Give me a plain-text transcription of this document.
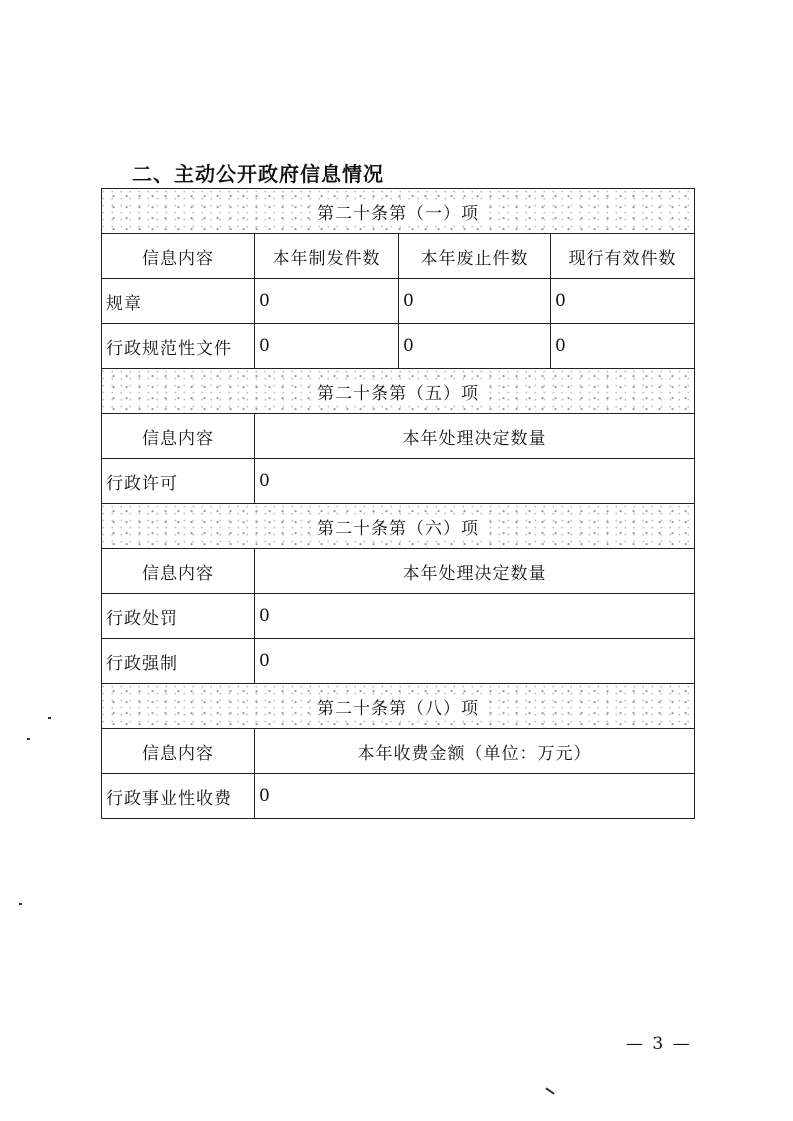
二、主动公开政府信息情况
第二十条第（一）项			
信息内容	本年制发件数	本年废止件数	现行有效件数
规章	0	0	0
行政规范性文件	0	0	0
第二十条第（五）项			
信息内容	本年处理决定数量		
行政许可	0		
第二十条第（六）项			
信息内容	本年处理决定数量		
行政处罚	0		
行政强制	0		
第二十条第（八）项			
信息内容	本年收费金额（单位：万元）		
行政事业性收费	0		
— 3 —
